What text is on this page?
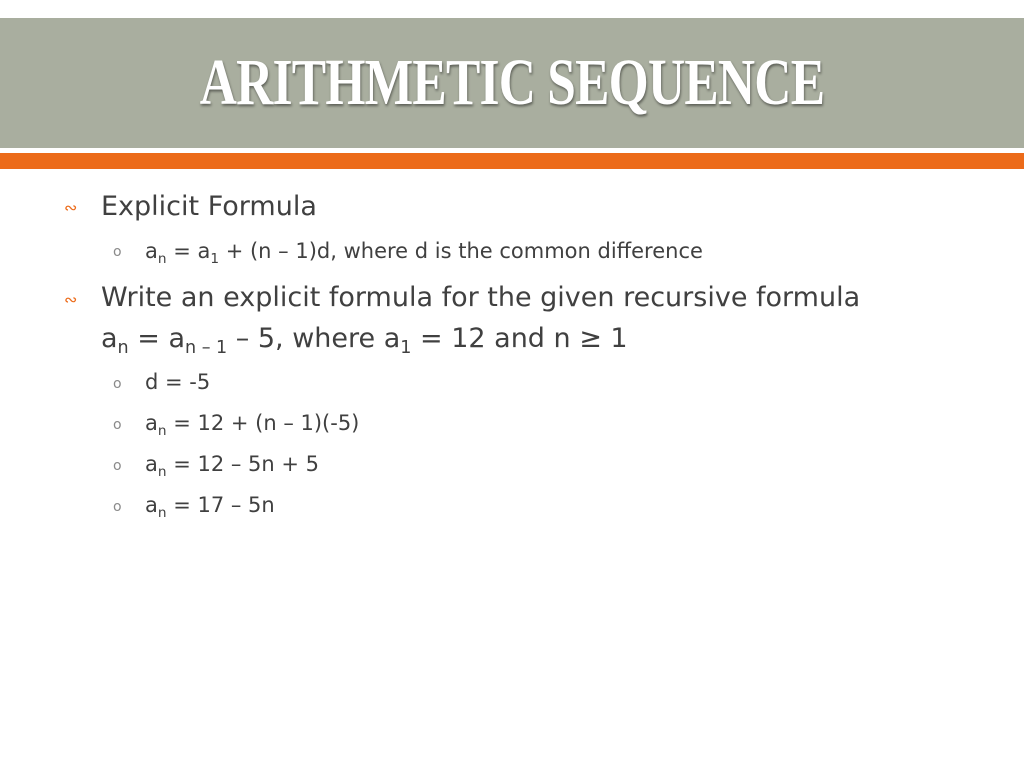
ARITHMETIC SEQUENCE
∾ Explicit Formula
o $a_n = a_1 + (n - 1)d$, where d is the common difference
∾ Write an explicit formula for the given recursive formula
$a_n = a_{n - 1} - 5$, where $a_1 = 12$ and n ≥ 1
o d = -5
o $a_n = 12 + (n - 1)(-5)$
o $a_n = 12 - 5n + 5$
o $a_n = 17 - 5n$
